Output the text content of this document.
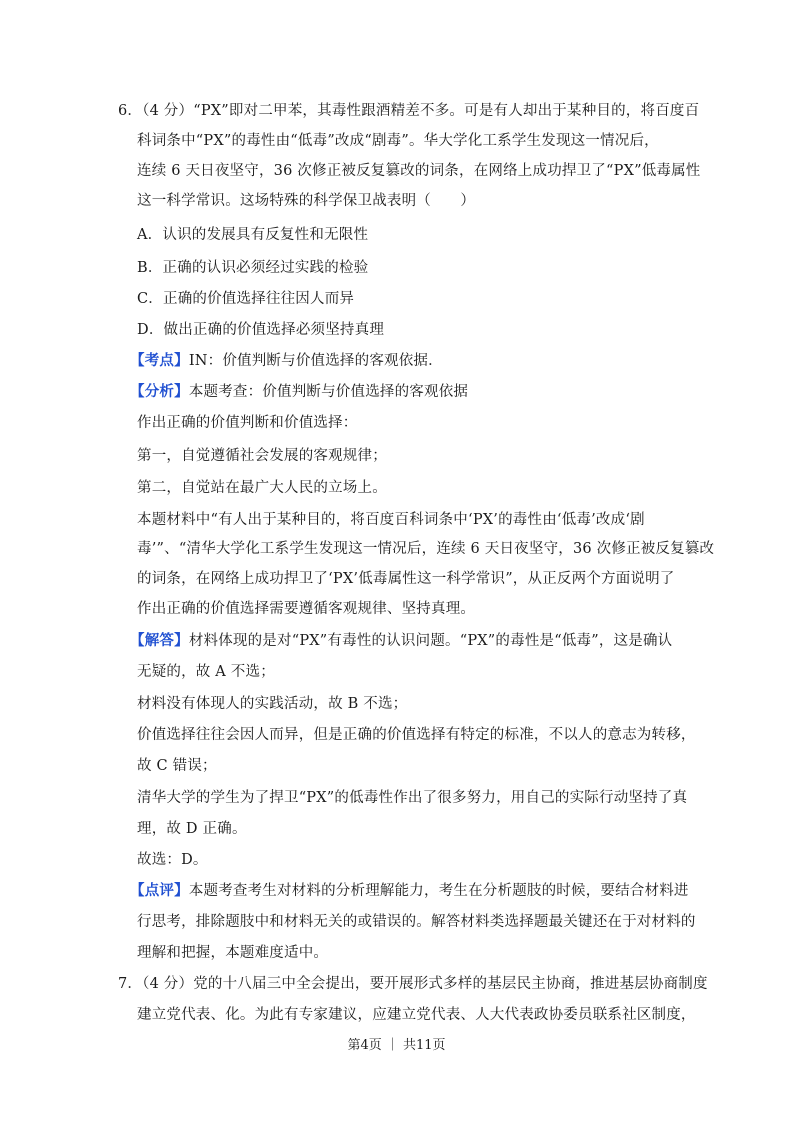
6．（4 分）“PX”即对二甲苯，其毒性跟酒精差不多。可是有人却出于某种目的，将百度百
科词条中“PX”的毒性由“低毒”改成“剧毒”。华大学化工系学生发现这一情况后，
连续 6 天日夜坚守，36 次修正被反复篡改的词条，在网络上成功捍卫了“PX”低毒属性
这一科学常识。这场特殊的科学保卫战表明（　　）
A．认识的发展具有反复性和无限性
B．正确的认识必须经过实践的检验
C．正确的价值选择往往因人而异
D．做出正确的价值选择必须坚持真理
【考点】IN：价值判断与价值选择的客观依据．
【分析】本题考查：价值判断与价值选择的客观依据
作出正确的价值判断和价值选择：
第一，自觉遵循社会发展的客观规律；
第二，自觉站在最广大人民的立场上。
本题材料中“有人出于某种目的，将百度百科词条中‘PX’的毒性由‘低毒’改成‘剧
毒’”、“清华大学化工系学生发现这一情况后，连续 6 天日夜坚守，36 次修正被反复篡改
的词条，在网络上成功捍卫了‘PX’低毒属性这一科学常识”，从正反两个方面说明了
作出正确的价值选择需要遵循客观规律、坚持真理。
【解答】材料体现的是对“PX”有毒性的认识问题。“PX”的毒性是“低毒”，这是确认
无疑的，故 A 不选；
材料没有体现人的实践活动，故 B 不选；
价值选择往往会因人而异，但是正确的价值选择有特定的标准，不以人的意志为转移，
故 C 错误；
清华大学的学生为了捍卫“PX”的低毒性作出了很多努力，用自己的实际行动坚持了真
理，故 D 正确。
故选：D。
【点评】本题考查考生对材料的分析理解能力，考生在分析题肢的时候，要结合材料进
行思考，排除题肢中和材料无关的或错误的。解答材料类选择题最关键还在于对材料的
理解和把握，本题难度适中。
7．（4 分）党的十八届三中全会提出，要开展形式多样的基层民主协商，推进基层协商制度
建立党代表、化。为此有专家建议，应建立党代表、人大代表政协委员联系社区制度，
第4页 ｜ 共11页
